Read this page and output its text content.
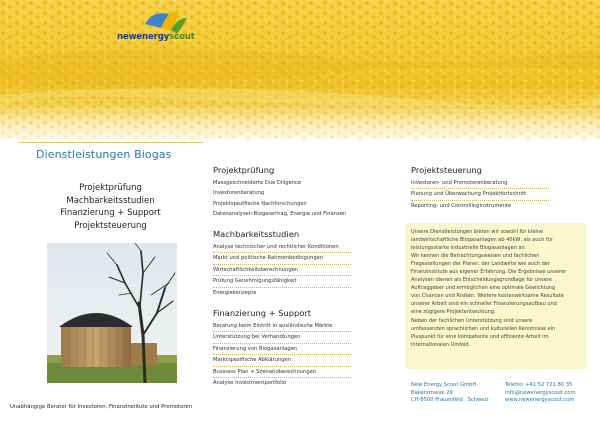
newenergyscout
Dienstleistungen Biogas
Projektprüfung
Machbarkeitsstudien
Finanzierung + Support
Projektsteuerung
Unabhängige Berater für Investoren, Finanzinstitute und Promotoren
Projektprüfung
Massgeschneiderte Due Diligence
Investorenberatung
Projektspezifische Nachforschungen
Datenanalysen Biogasertrag, Energie und Finanzen
Machbarkeitsstudien
Analyse technischer und rechtlicher Konditionen
Markt und politische Rahmenbedingungen
Wirtschaftlichkeitsberechnungen
Prüfung Genehmigungsfähigkeit
Energiekonzepte
Finanzierung + Support
Beratung beim Eintritt in ausländische Märkte
Unterstützung bei Verhandlungen
Finanzierung von Biogasanlagen
Marktspezifische Abklärungen
Business Plan + Szenarioberechnungen
Analyse Investmentportfolio
Projektsteuerung
Investoren- und Promotorenberatung
Planung und Überwachung Projektfortschritt
Reporting- und Controllinginstrumente

Unsere Dienstleistungen bieten wir sowohl für kleine
landwirtschaftliche Biogasanlagen ab 40kW, als auch für
leistungsstarke industrielle Biogasanlagen an.
Wir kennen die Betrachtungsweisen und fachlichen
Fragestellungen der Planer, der Landwirte wie auch der
Finanzinstitute aus eigener Erfahrung. Die Ergebnisse unserer
Analysen dienen als Entscheidungsgrundlage für unsere
Auftraggeber und ermöglichen eine optimale Gewichtung
von Chancen und Risiken. Weitere kostenwirksame Resultate
unserer Arbeit sind ein schneller Finanzierungsaufbau und
eine zügigere Projektentwicklung.
Neben der fachlichen Unterstützung sind unsere
umfassenden sprachlichen und kulturellen Kenntnisse ein
Pluspunkt für eine kompetente und effiziente Arbeit im
internationalen Umfeld.

New Energy Scout GmbH
Bakerstrasse 29
CH-8500 Frauenfeld , Schweiz
Telefon +41 52 721 80 35
info@newenergyscout.com
www.newenergyscout.com
